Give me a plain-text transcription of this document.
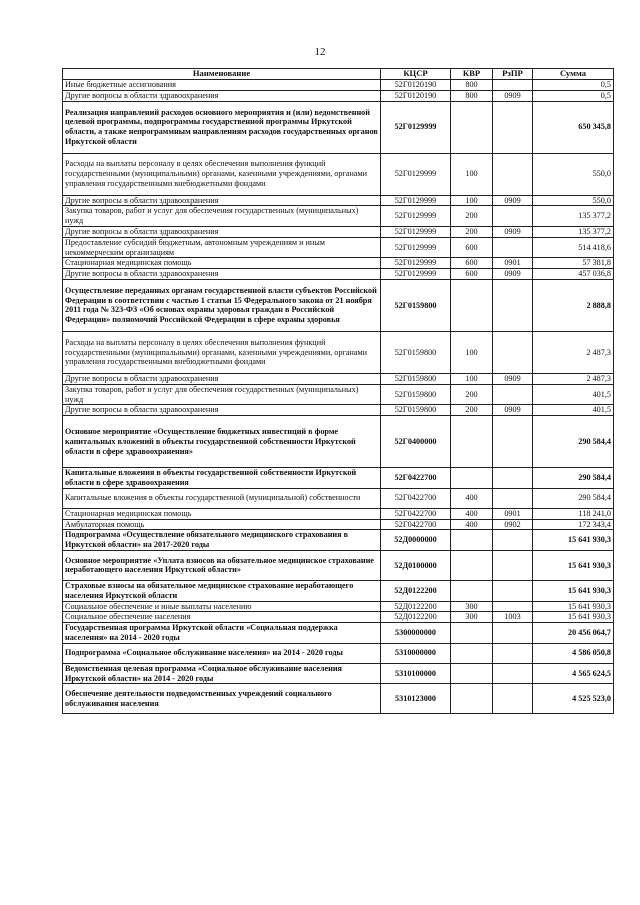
12
Наименование	КЦСР	КВР	РзПР	Сумма
Иные бюджетные ассигнования	52Г0120190	800		0,5
Другие вопросы в области здравоохранения	52Г0120190	800	0909	0,5
Реализация направлений расходов основного мероприятия и (или) ведомственной целевой программы, подпрограммы государственной программы Иркутской области, а также непрограммным направлениям расходов государственных органов Иркутской области	52Г0129999			650 345,8
Расходы на выплаты персоналу в целях обеспечения выполнения функций государственными (муниципальными) органами, казенными учреждениями, органами управления государственными внебюджетными фондами	52Г0129999	100		550,0
Другие вопросы в области здравоохранения	52Г0129999	100	0909	550,0
Закупка товаров, работ и услуг для обеспечения государственных (муниципальных) нужд	52Г0129999	200		135 377,2
Другие вопросы в области здравоохранения	52Г0129999	200	0909	135 377,2
Предоставление субсидий бюджетным, автономным учреждениям и иным некоммерческим организациям	52Г0129999	600		514 418,6
Стационарная медицинская помощь	52Г0129999	600	0901	57 381,8
Другие вопросы в области здравоохранения	52Г0129999	600	0909	457 036,8
Осуществление переданных органам государственной власти субъектов Российской Федерации в соответствии с частью 1 статьи 15 Федерального закона от 21 ноября 2011 года № 323-ФЗ «Об основах охраны здоровья граждан в Российской Федерации» полномочий Российской Федерации в сфере охраны здоровья	52Г0159800			2 888,8
Расходы на выплаты персоналу в целях обеспечения выполнения функций государственными (муниципальными) органами, казенными учреждениями, органами управления государственными внебюджетными фондами	52Г0159800	100		2 487,3
Другие вопросы в области здравоохранения	52Г0159800	100	0909	2 487,3
Закупка товаров, работ и услуг для обеспечения государственных (муниципальных) нужд	52Г0159800	200		401,5
Другие вопросы в области здравоохранения	52Г0159800	200	0909	401,5
Основное мероприятие «Осуществление бюджетных инвестиций в форме капитальных вложений в объекты государственной собственности Иркутской области в сфере здравоохранения»	52Г0400000			290 584,4
Капитальные вложения в объекты государственной собственности Иркутской области в сфере здравоохранения	52Г0422700			290 584,4
Капитальные вложения в объекты государственной (муниципальной) собственности	52Г0422700	400		290 584,4
Стационарная медицинская помощь	52Г0422700	400	0901	118 241,0
Амбулаторная помощь	52Г0422700	400	0902	172 343,4
Подпрограмма «Осуществление обязательного медицинского страхования в Иркутской области» на 2017-2020 годы	52Д0000000			15 641 930,3
Основное мероприятие «Уплата взносов на обязательное медицинское страхование неработающего населения Иркутской области»	52Д0100000			15 641 930,3
Страховые взносы на обязательное медицинское страхование неработающего населения Иркутской области	52Д0122200			15 641 930,3
Социальное обеспечение и иные выплаты населению	52Д0122200	300		15 641 930,3
Социальное обеспечение населения	52Д0122200	300	1003	15 641 930,3
Государственная программа Иркутской области «Социальная поддержка населения» на 2014 - 2020 годы	5300000000			20 456 064,7
Подпрограмма «Социальное обслуживание населения» на 2014 - 2020 годы	5310000000			4 586 050,8
Ведомственная целевая программа «Социальное обслуживание населения Иркутской области» на 2014 - 2020 годы	5310100000			4 565 624,5
Обеспечение деятельности подведомственных учреждений социального обслуживания населения	5310123000			4 525 523,0
